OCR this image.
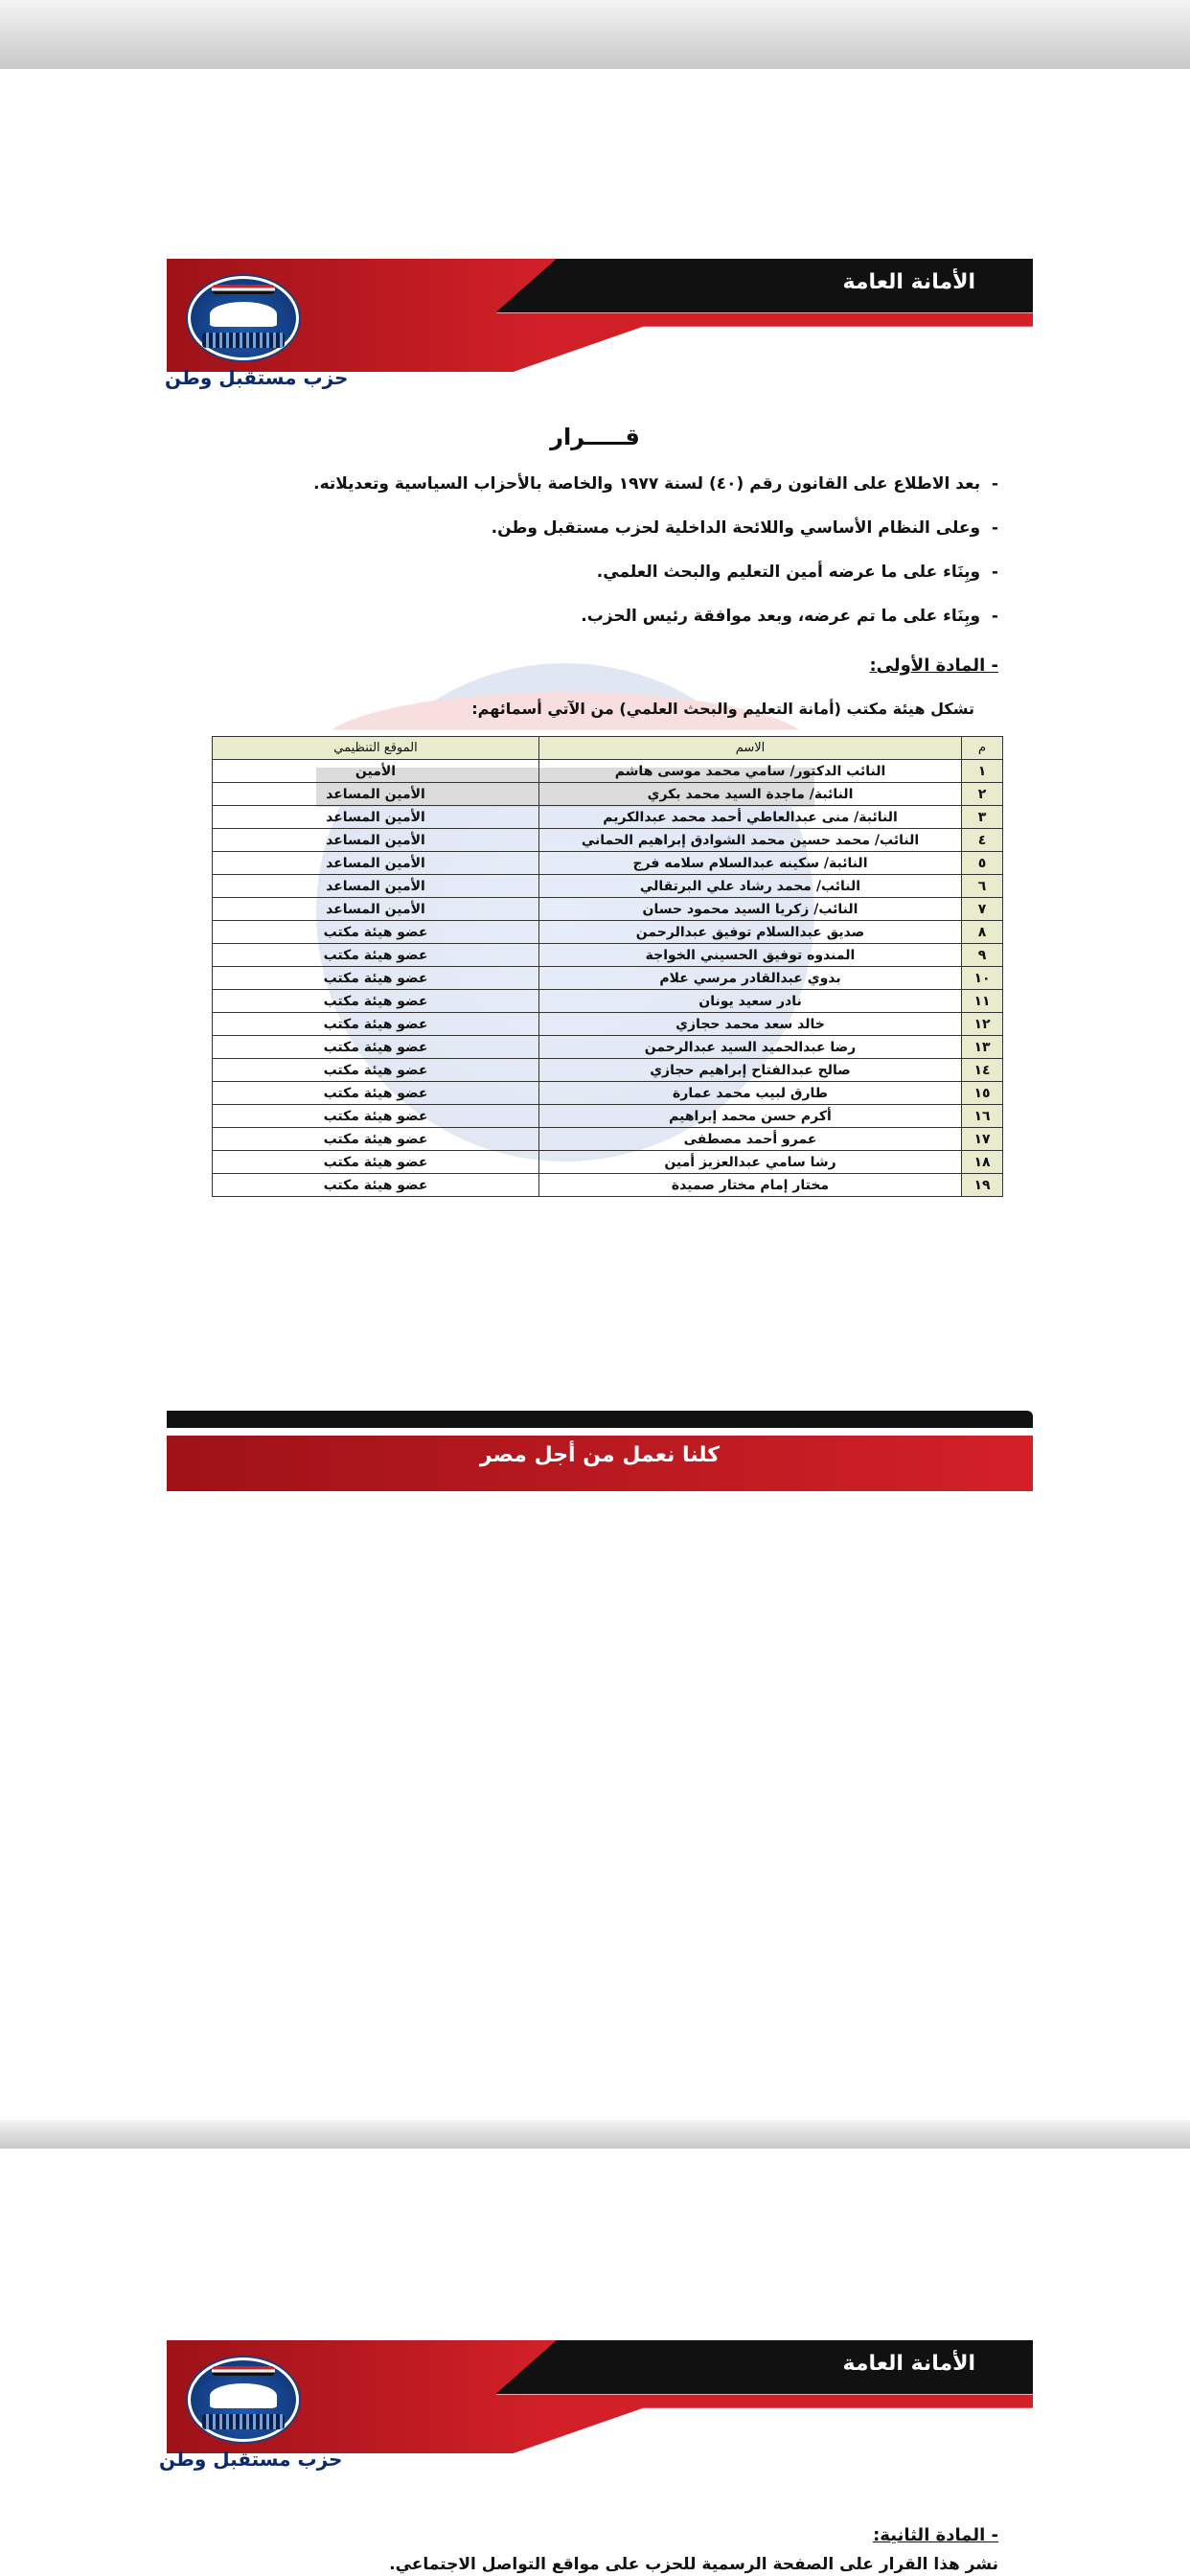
الأمانة العامة
حزب مستقبل وطن
قـــــرار
-  بعد الاطلاع على القانون رقم (٤٠) لسنة ١٩٧٧ والخاصة بالأحزاب السياسية وتعديلاته.
-  وعلى النظام الأساسي واللائحة الداخلية لحزب مستقبل وطن.
-  وبِنَاء على ما عرضه أمين التعليم والبحث العلمي.
-  وبِنَاء على ما تم عرضه، وبعد موافقة رئيس الحزب.
- المادة الأولى:
تشكل هيئة مكتب (أمانة التعليم والبحث العلمي) من الآتي أسمائهم:
م	الاسم	الموقع التنظيمي
١	النائب الدكتور/ سامي محمد موسى هاشم	الأمين
٢	النائبة/ ماجدة السيد محمد بكري	الأمين المساعد
٣	النائبة/ منى عبدالعاطي أحمد محمد عبدالكريم	الأمين المساعد
٤	النائب/ محمد حسين محمد الشوادق إبراهيم الحماني	الأمين المساعد
٥	النائبة/ سكينه عبدالسلام سلامه فرج	الأمين المساعد
٦	النائب/ محمد رشاد علي البرتقالي	الأمين المساعد
٧	النائب/ زكريا السيد محمود حسان	الأمين المساعد
٨	صديق عبدالسلام توفيق عبدالرحمن	عضو هيئة مكتب
٩	المندوه توفيق الحسيني الخواجة	عضو هيئة مكتب
١٠	بدوي عبدالقادر مرسي علام	عضو هيئة مكتب
١١	نادر سعيد يونان	عضو هيئة مكتب
١٢	خالد سعد محمد حجازي	عضو هيئة مكتب
١٣	رضا عبدالحميد السيد عبدالرحمن	عضو هيئة مكتب
١٤	صالح عبدالفتاح إبراهيم حجازي	عضو هيئة مكتب
١٥	طارق لبيب محمد عمارة	عضو هيئة مكتب
١٦	أكرم حسن محمد إبراهيم	عضو هيئة مكتب
١٧	عمرو أحمد مصطفى	عضو هيئة مكتب
١٨	رشا سامي عبدالعزيز أمين	عضو هيئة مكتب
١٩	مختار إمام مختار صميدة	عضو هيئة مكتب
كلنا نعمل من أجل مصر
الأمانة العامة
حزب مستقبل وطن
- المادة الثانية:
نشر هذا القرار على الصفحة الرسمية للحزب على مواقع التواصل الاجتماعي.
